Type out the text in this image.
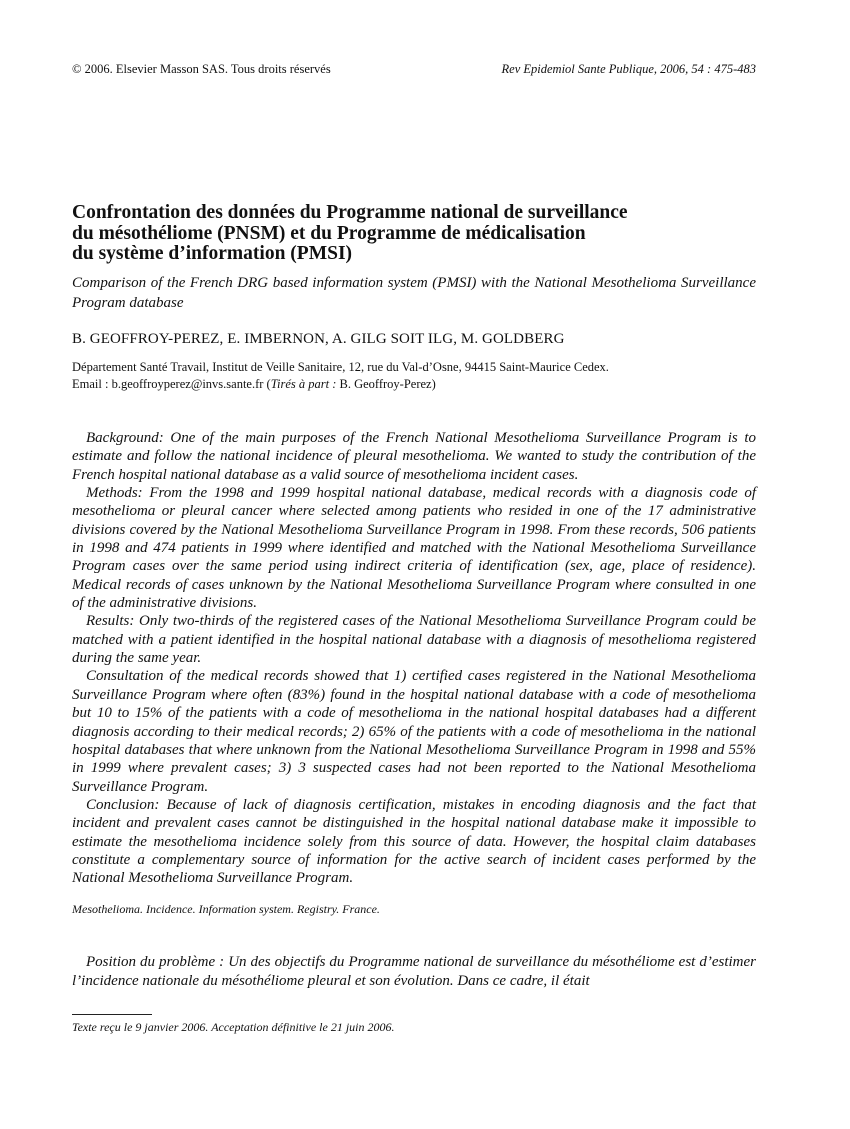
© 2006. Elsevier Masson SAS. Tous droits réservés	Rev Epidemiol Sante Publique, 2006, 54 : 475-483
Confrontation des données du Programme national de surveillance
du mésothéliome (PNSM) et du Programme de médicalisation
du système d’information (PMSI)

Comparison of the French DRG based information system (PMSI) with the National Mesothelioma Surveillance Program database

B. GEOFFROY-PEREZ, E. IMBERNON, A. GILG SOIT ILG, M. GOLDBERG
Département Santé Travail, Institut de Veille Sanitaire, 12, rue du Val-d’Osne, 94415 Saint-Maurice Cedex.
Email : b.geoffroyperez@invs.sante.fr (Tirés à part : B. Geoffroy-Perez)

Background: One of the main purposes of the French National Mesothelioma Surveillance Program is to estimate and follow the national incidence of pleural mesothelioma. We wanted to study the contribution of the French hospital national database as a valid source of mesothelioma incident cases.

Methods: From the 1998 and 1999 hospital national database, medical records with a diagnosis code of mesothelioma or pleural cancer where selected among patients who resided in one of the 17 administrative divisions covered by the National Mesothelioma Surveillance Program in 1998. From these records, 506 patients in 1998 and 474 patients in 1999 where identified and matched with the National Mesothelioma Surveillance Program cases over the same period using indirect criteria of identification (sex, age, place of residence). Medical records of cases unknown by the National Mesothelioma Surveillance Program where consulted in one of the administrative divisions.

Results: Only two-thirds of the registered cases of the National Mesothelioma Surveillance Program could be matched with a patient identified in the hospital national database with a diagnosis of mesothelioma registered during the same year.

Consultation of the medical records showed that 1) certified cases registered in the National Mesothelioma Surveillance Program where often (83%) found in the hospital national database with a code of mesothelioma but 10 to 15% of the patients with a code of mesothelioma in the national hospital databases had a different diagnosis according to their medical records; 2) 65% of the patients with a code of mesothelioma in the national hospital databases that where unknown from the National Mesothelioma Surveillance Program in 1998 and 55% in 1999 where prevalent cases; 3) 3 suspected cases had not been reported to the National Mesothelioma Surveillance Program.

Conclusion: Because of lack of diagnosis certification, mistakes in encoding diagnosis and the fact that incident and prevalent cases cannot be distinguished in the hospital national database make it impossible to estimate the mesothelioma incidence solely from this source of data. However, the hospital claim databases constitute a complementary source of information for the active search of incident cases performed by the National Mesothelioma Surveillance Program.

Mesothelioma. Incidence. Information system. Registry. France.

Position du problème : Un des objectifs du Programme national de surveillance du mésothéliome est d’estimer l’incidence nationale du mésothéliome pleural et son évolution. Dans ce cadre, il était

Texte reçu le 9 janvier 2006. Acceptation définitive le 21 juin 2006.
